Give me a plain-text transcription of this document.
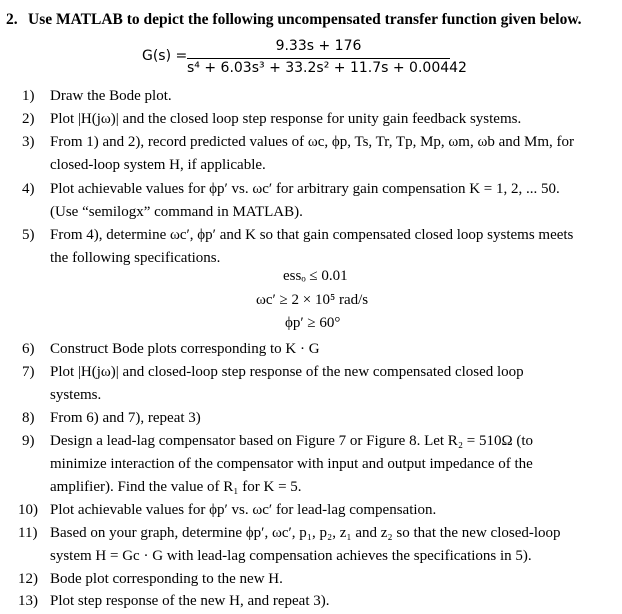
2. Use MATLAB to depict the following uncompensated transfer function given below.
G(s) =
9.33s + 176
s⁴ + 6.03s³ + 33.2s² + 11.7s + 0.00442
1) Draw the Bode plot.
2) Plot |H(jω)| and the closed loop step response for unity gain feedback systems.
3) From 1) and 2), record predicted values of ωc, ϕp, Ts, Tr, Tp, Mp, ωm, ωb and Mm, for
closed-loop system H, if applicable.
4) Plot achievable values for ϕp′ vs. ωc′ for arbitrary gain compensation K = 1, 2, ... 50.
(Use “semilogx” command in MATLAB).
5) From 4), determine ωc′, ϕp′ and K so that gain compensated closed loop systems meets
the following specifications.
essₒ ≤ 0.01
ωc′ ≥ 2 × 10⁵ rad/s
ϕp′ ≥ 60°
6) Construct Bode plots corresponding to K · G
7) Plot |H(jω)| and closed-loop step response of the new compensated closed loop
systems.
8) From 6) and 7), repeat 3)
9) Design a lead-lag compensator based on Figure 7 or Figure 8. Let R₂ = 510Ω (to
minimize interaction of the compensator with input and output impedance of the
amplifier). Find the value of R₁ for K = 5.
10) Plot achievable values for ϕp′ vs. ωc′ for lead-lag compensation.
11) Based on your graph, determine ϕp′, ωc′, p₁, p₂, z₁ and z₂ so that the new closed-loop
system H = Gc · G with lead-lag compensation achieves the specifications in 5).
12) Bode plot corresponding to the new H.
13) Plot step response of the new H, and repeat 3).
